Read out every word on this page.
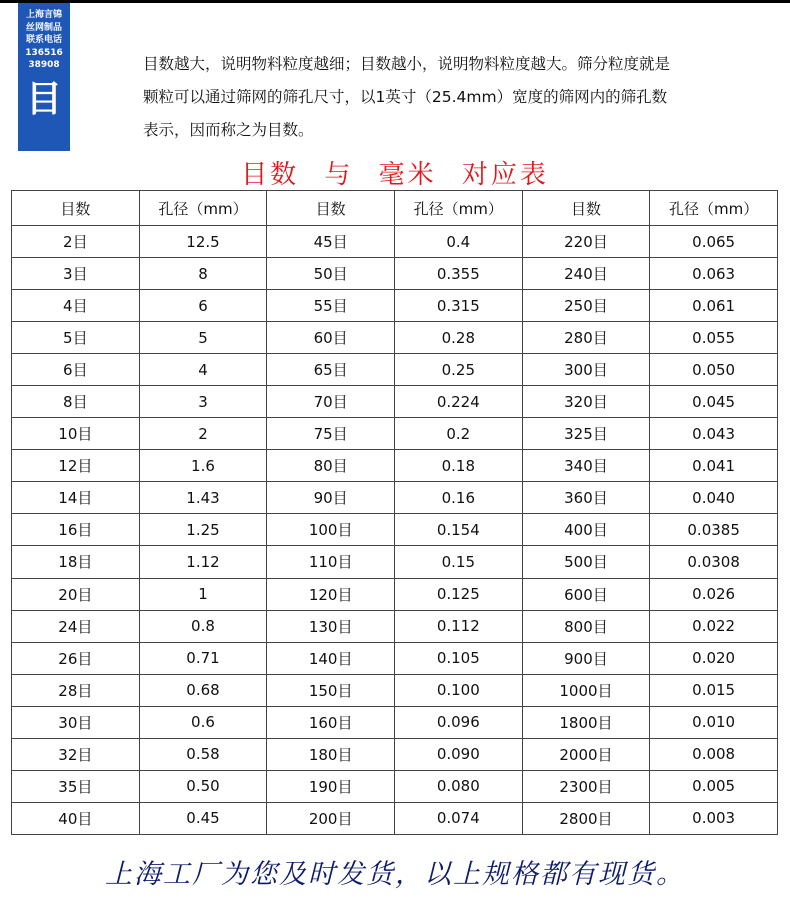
上海言锦
丝网制品
联系电话
136516
38908
目
目数越大，说明物料粒度越细；目数越小，说明物料粒度越大。筛分粒度就是
颗粒可以通过筛网的筛孔尺寸，以1英寸（25.4mm）宽度的筛网内的筛孔数
表示，因而称之为目数。
目数 与 毫米 对应表
目数	孔径（mm）	目数	孔径（mm）	目数	孔径（mm）
2目	12.5	45目	0.4	220目	0.065
3目	8	50目	0.355	240目	0.063
4目	6	55目	0.315	250目	0.061
5目	5	60目	0.28	280目	0.055
6目	4	65目	0.25	300目	0.050
8目	3	70目	0.224	320目	0.045
10目	2	75目	0.2	325目	0.043
12目	1.6	80目	0.18	340目	0.041
14目	1.43	90目	0.16	360目	0.040
16目	1.25	100目	0.154	400目	0.0385
18目	1.12	110目	0.15	500目	0.0308
20目	1	120目	0.125	600目	0.026
24目	0.8	130目	0.112	800目	0.022
26目	0.71	140目	0.105	900目	0.020
28目	0.68	150目	0.100	1000目	0.015
30目	0.6	160目	0.096	1800目	0.010
32目	0.58	180目	0.090	2000目	0.008
35目	0.50	190目	0.080	2300目	0.005
40目	0.45	200目	0.074	2800目	0.003
上海工厂为您及时发货，以上规格都有现货。
